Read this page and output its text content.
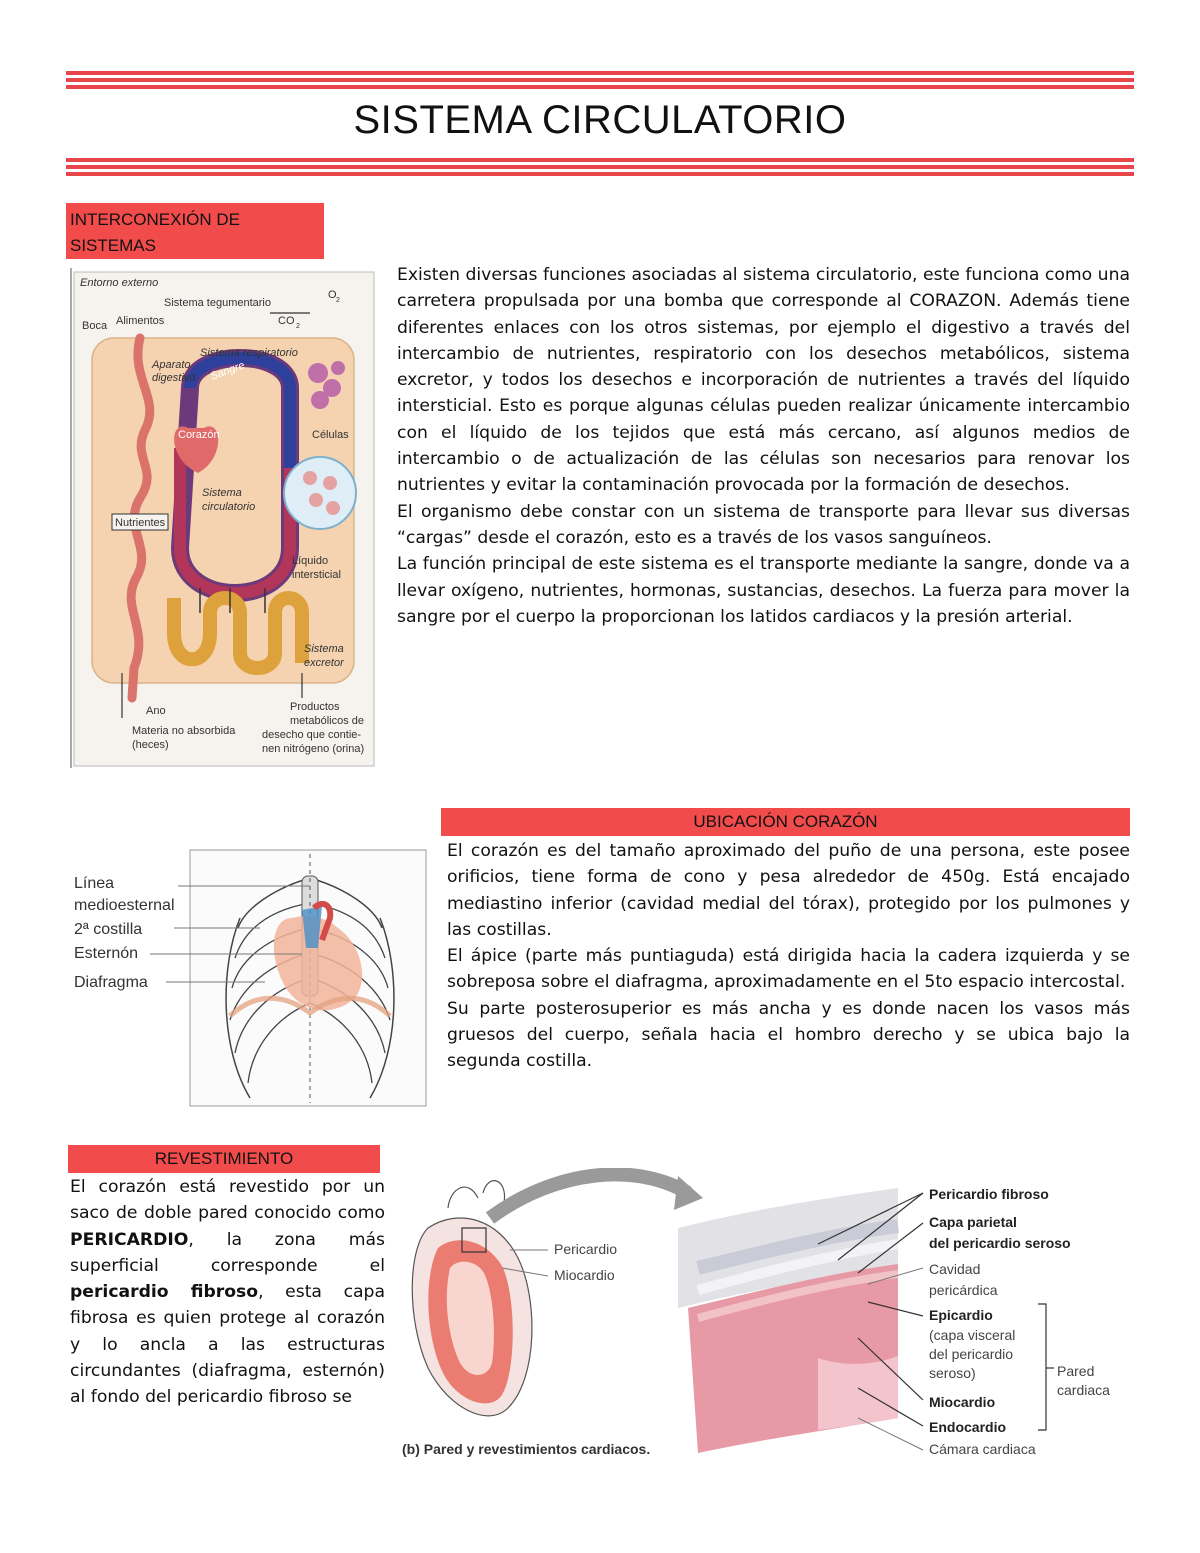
SISTEMA CIRCULATORIO
INTERCONEXIÓN DE SISTEMAS
Entorno externo
Sistema tegumentario
O 2
CO 2
Boca Alimentos
Sistema respiratorio
Aparato
digestivo Sangre
Corazón	Células
Sistema
circulatorio
Nutrientes
Líquido
intersticial
Sistema
excretor
Ano
Materia no absorbida
(heces)
Productos
metabólicos de
desecho que contie-
nen nitrógeno (orina)

Existen diversas funciones asociadas al sistema circulatorio, este funciona como una carretera propulsada por una bomba que corresponde al CORAZON. Además tiene diferentes enlaces con los otros sistemas, por ejemplo el digestivo a través del intercambio de nutrientes, respiratorio con los desechos metabólicos, sistema excretor, y todos los desechos e incorporación de nutrientes a través del líquido intersticial. Esto es porque algunas células pueden realizar únicamente intercambio con el líquido de los tejidos que está más cercano, así algunos medios de intercambio o de actualización de las células son necesarios para renovar los nutrientes y evitar la contaminación provocada por la formación de desechos.

El organismo debe constar con un sistema de transporte para llevar sus diversas “cargas” desde el corazón, esto es a través de los vasos sanguíneos.

La función principal de este sistema es el transporte mediante la sangre, donde va a llevar oxígeno, nutrientes, hormonas, sustancias, desechos. La fuerza para mover la sangre por el cuerpo la proporcionan los latidos cardiacos y la presión arterial.

Línea
medioesternal
2ª costilla
Esternón
Diafragma
UBICACIÓN CORAZÓN

El corazón es del tamaño aproximado del puño de una persona, este posee orificios, tiene forma de cono y pesa alrededor de 450g. Está encajado mediastino inferior (cavidad medial del tórax), protegido por los pulmones y las costillas.

El ápice (parte más puntiaguda) está dirigida hacia la cadera izquierda y se sobreposa sobre el diafragma, aproximadamente en el 5to espacio intercostal.

Su parte posterosuperior es más ancha y es donde nacen los vasos más gruesos del cuerpo, señala hacia el hombro derecho y se ubica bajo la segunda costilla.

REVESTIMIENTO

El corazón está revestido por un saco de doble pared conocido como PERICARDIO, la zona más superficial corresponde el pericardio fibroso, esta capa fibrosa es quien protege al corazón y lo ancla a las estructuras circundantes (diafragma, esternón) al fondo del pericardio fibroso se

Pericardio
Miocardio
Pericardio fibroso
Capa parietal
del pericardio seroso
Cavidad
pericárdica
Epicardio
(capa visceral
del pericardio
seroso)	Pared
cardiaca
Miocardio
Endocardio
Cámara cardiaca
(b) Pared y revestimientos cardiacos.
